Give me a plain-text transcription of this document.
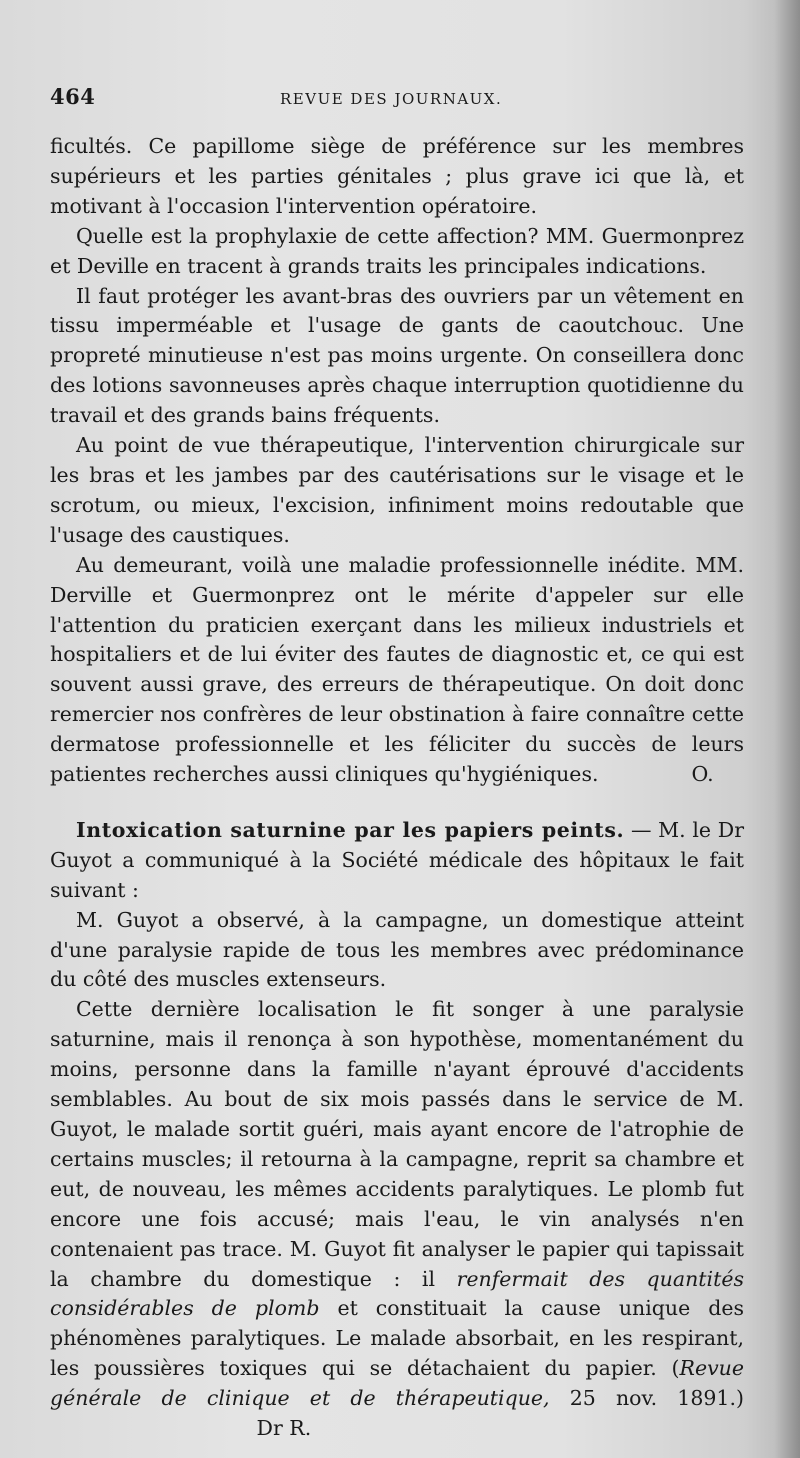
464	REVUE DES JOURNAUX.

ficultés. Ce papillome siège de préférence sur les membres supérieurs et les parties génitales ; plus grave ici que là, et motivant à l'occasion l'intervention opératoire.

Quelle est la prophylaxie de cette affection? MM. Guermonprez et Deville en tracent à grands traits les principales indications.

Il faut protéger les avant-bras des ouvriers par un vêtement en tissu imperméable et l'usage de gants de caoutchouc. Une propreté minutieuse n'est pas moins urgente. On conseillera donc des lotions savonneuses après chaque interruption quotidienne du travail et des grands bains fréquents.

Au point de vue thérapeutique, l'intervention chirurgicale sur les bras et les jambes par des cautérisations sur le visage et le scrotum, ou mieux, l'excision, infiniment moins redoutable que l'usage des caustiques.

Au demeurant, voilà une maladie professionnelle inédite. MM. Derville et Guermonprez ont le mérite d'appeler sur elle l'attention du praticien exerçant dans les milieux industriels et hospitaliers et de lui éviter des fautes de diagnostic et, ce qui est souvent aussi grave, des erreurs de thérapeutique. On doit donc remercier nos confrères de leur obstination à faire connaître cette dermatose professionnelle et les féliciter du succès de leurs patientes recherches aussi cliniques qu'hygiéniques.	O.

Intoxication saturnine par les papiers peints. — M. le Dr Guyot a communiqué à la Société médicale des hôpitaux le fait suivant :

M. Guyot a observé, à la campagne, un domestique atteint d'une paralysie rapide de tous les membres avec prédominance du côté des muscles extenseurs.

Cette dernière localisation le fit songer à une paralysie saturnine, mais il renonça à son hypothèse, momentanément du moins, personne dans la famille n'ayant éprouvé d'accidents semblables. Au bout de six mois passés dans le service de M. Guyot, le malade sortit guéri, mais ayant encore de l'atrophie de certains muscles; il retourna à la campagne, reprit sa chambre et eut, de nouveau, les mêmes accidents paralytiques. Le plomb fut encore une fois accusé; mais l'eau, le vin analysés n'en contenaient pas trace. M. Guyot fit analyser le papier qui tapissait la chambre du domestique : il renfermait des quantités considérables de plomb et constituait la cause unique des phénomènes paralytiques. Le malade absorbait, en les respirant, les poussières toxiques qui se détachaient du papier. (Revue générale de clinique et de thérapeutique, 25 nov. 1891.)  Dr R.
